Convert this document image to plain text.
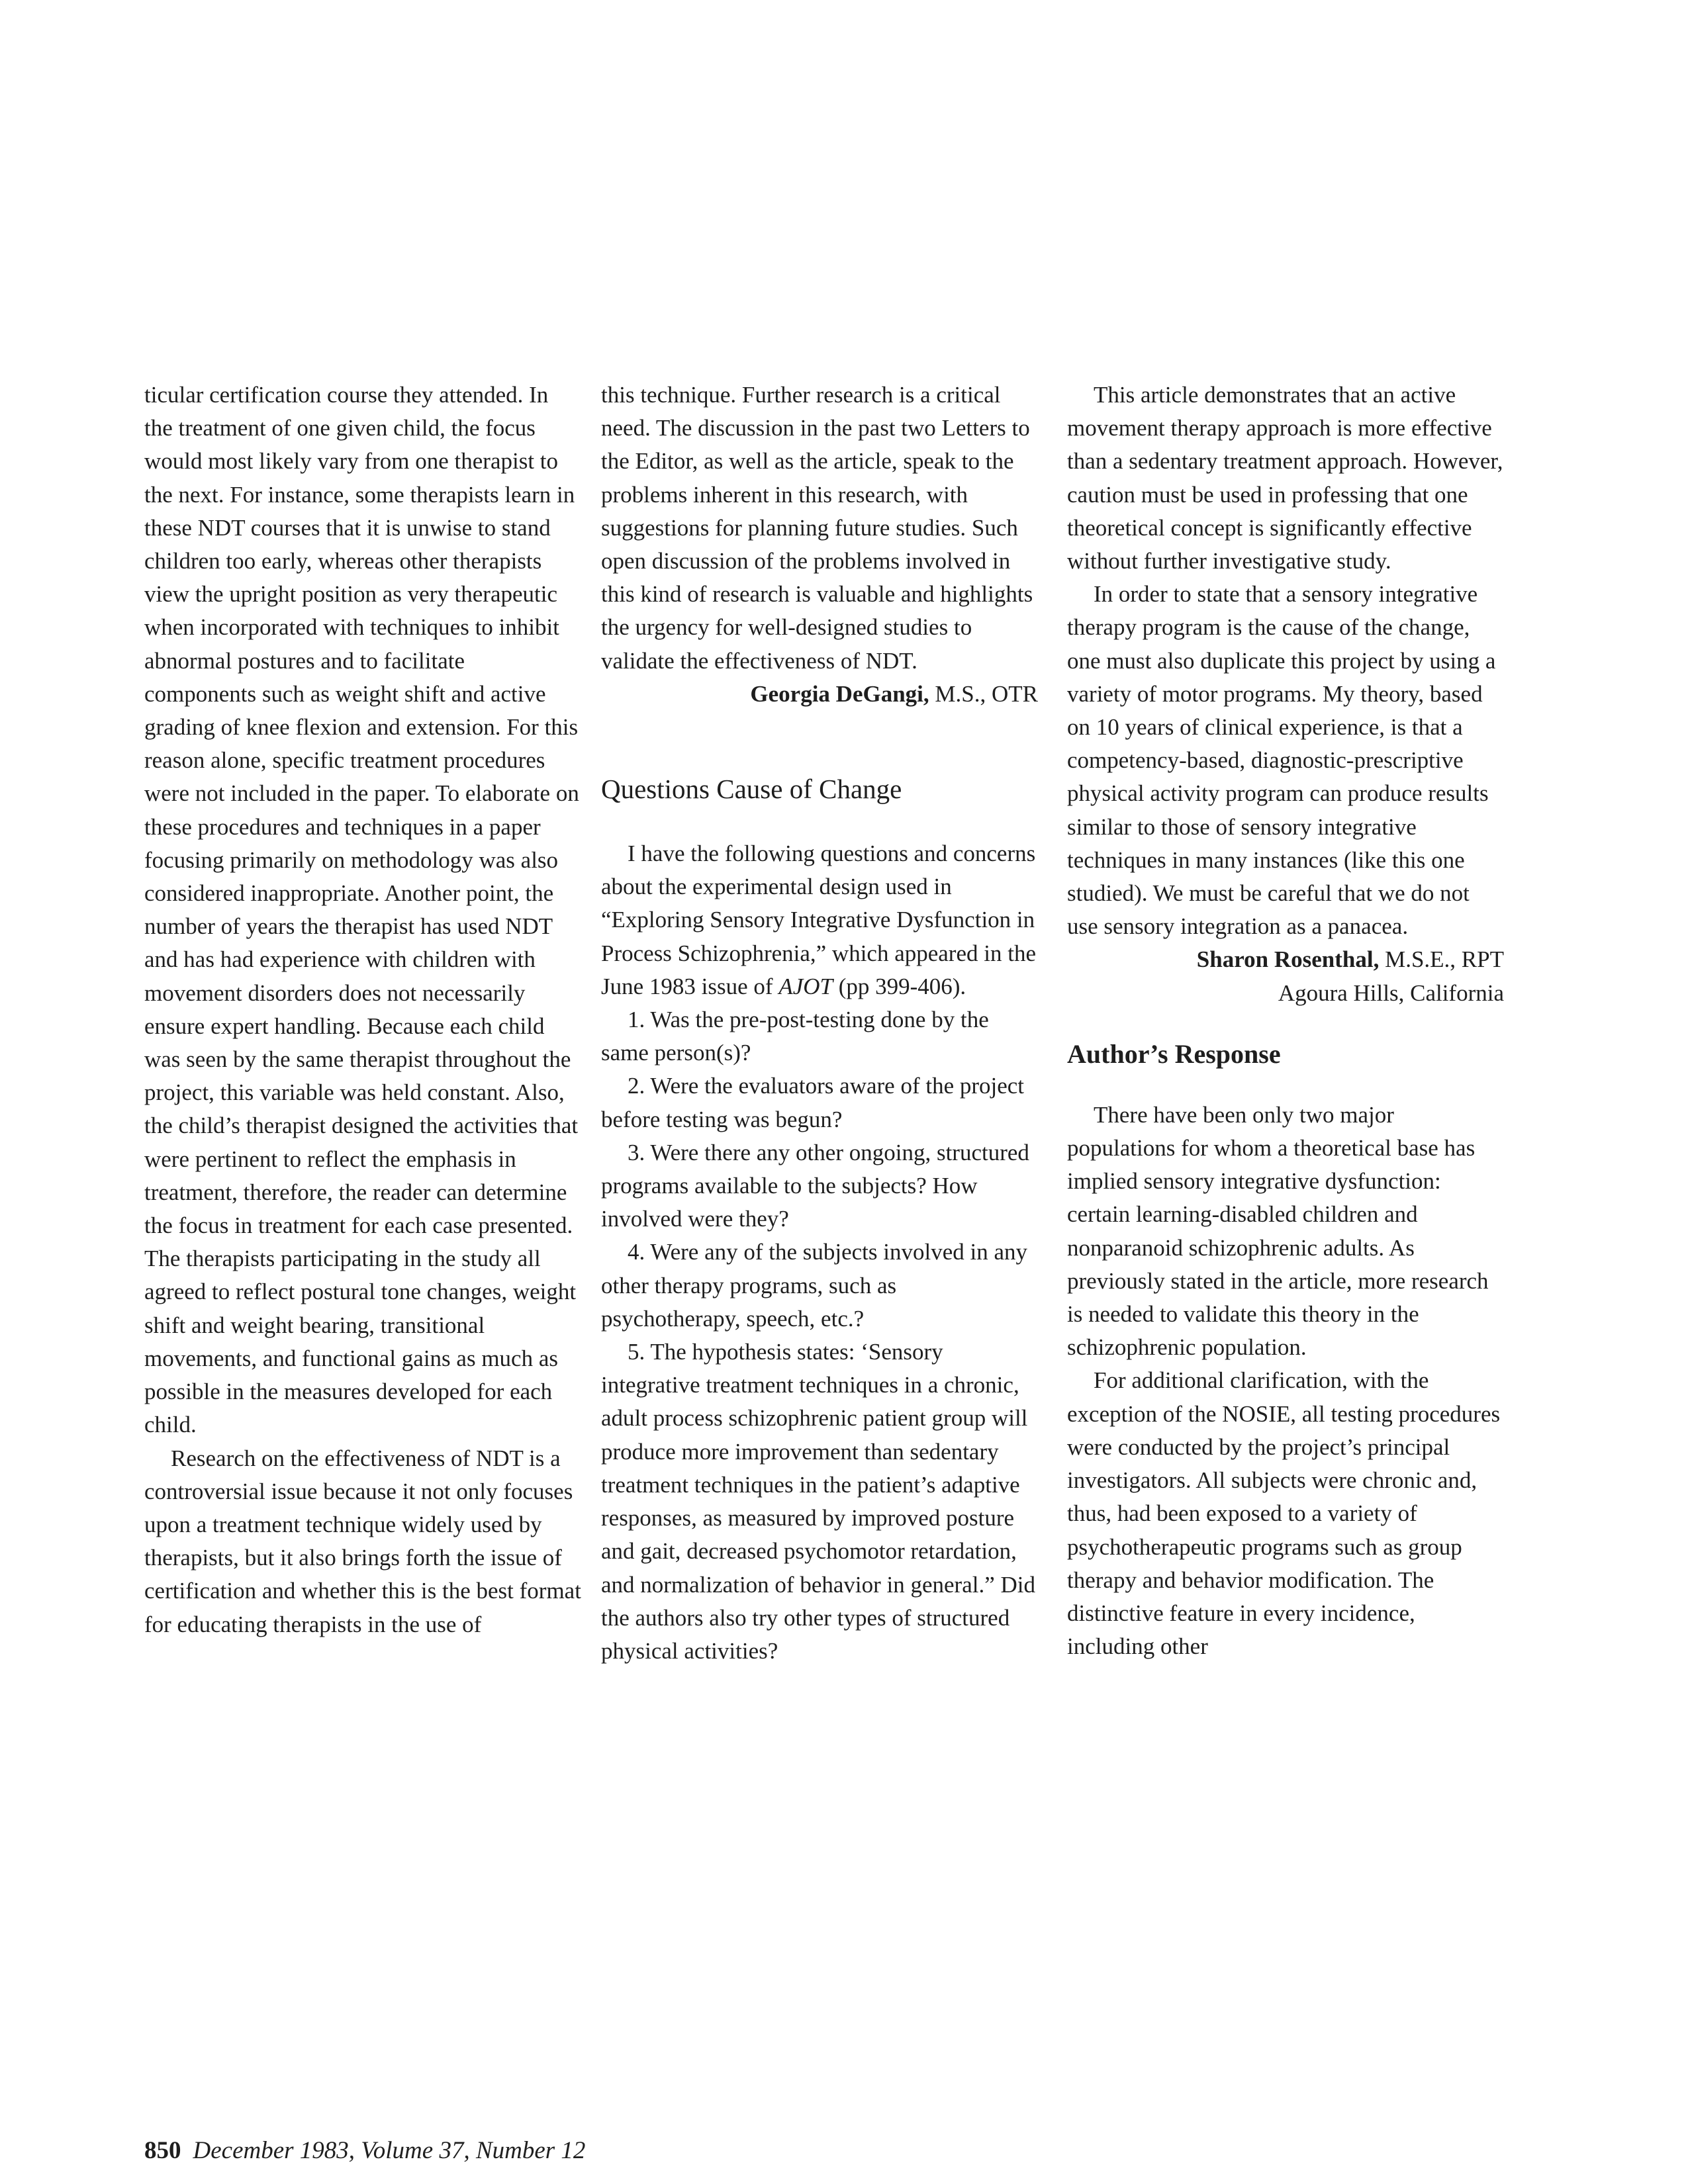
ticular certification course they attended. In the treatment of one given child, the focus would most likely vary from one therapist to the next. For instance, some therapists learn in these NDT courses that it is unwise to stand children too early, whereas other therapists view the upright position as very therapeutic when incorporated with techniques to inhibit abnormal postures and to facilitate components such as weight shift and active grading of knee flexion and extension. For this reason alone, specific treatment procedures were not included in the paper. To elaborate on these procedures and techniques in a paper focusing primarily on methodology was also considered inappropriate. Another point, the number of years the therapist has used NDT and has had experience with children with movement disorders does not necessarily ensure expert handling. Because each child was seen by the same therapist throughout the project, this variable was held constant. Also, the child’s therapist designed the activities that were pertinent to reflect the emphasis in treatment, therefore, the reader can determine the focus in treatment for each case presented. The therapists participating in the study all agreed to reflect postural tone changes, weight shift and weight bearing, transitional movements, and functional gains as much as possible in the measures developed for each child.

Research on the effectiveness of NDT is a controversial issue because it not only focuses upon a treatment technique widely used by therapists, but it also brings forth the issue of certification and whether this is the best format for educating therapists in the use of

this technique. Further research is a critical need. The discussion in the past two Letters to the Editor, as well as the article, speak to the problems inherent in this research, with suggestions for planning future studies. Such open discussion of the problems involved in this kind of research is valuable and highlights the urgency for well-designed studies to validate the effectiveness of NDT.

Georgia DeGangi, M.S., OTR

Questions Cause of Change

I have the following questions and concerns about the experimental design used in “Exploring Sensory Integrative Dysfunction in Process Schizophrenia,” which appeared in the June 1983 issue of AJOT (pp 399-406).

1. Was the pre-post-testing done by the same person(s)?

2. Were the evaluators aware of the project before testing was begun?

3. Were there any other ongoing, structured programs available to the subjects? How involved were they?

4. Were any of the subjects involved in any other therapy programs, such as psychotherapy, speech, etc.?

5. The hypothesis states: ‘Sensory integrative treatment techniques in a chronic, adult process schizophrenic patient group will produce more improvement than sedentary treatment techniques in the patient’s adaptive responses, as measured by improved posture and gait, decreased psychomotor retardation, and normalization of behavior in general.” Did the authors also try other types of structured physical activities?

This article demonstrates that an active movement therapy approach is more effective than a sedentary treatment approach. However, caution must be used in professing that one theoretical concept is significantly effective without further investigative study.

In order to state that a sensory integrative therapy program is the cause of the change, one must also duplicate this project by using a variety of motor programs. My theory, based on 10 years of clinical experience, is that a competency-based, diagnostic-prescriptive physical activity program can produce results similar to those of sensory integrative techniques in many instances (like this one studied). We must be careful that we do not use sensory integration as a panacea.

Sharon Rosenthal, M.S.E., RPT

Agoura Hills, California

Author’s Response

There have been only two major populations for whom a theoretical base has implied sensory integrative dysfunction: certain learning-disabled children and nonparanoid schizophrenic adults. As previously stated in the article, more research is needed to validate this theory in the schizophrenic population.

For additional clarification, with the exception of the NOSIE, all testing procedures were conducted by the project’s principal investigators. All subjects were chronic and, thus, had been exposed to a variety of psychotherapeutic programs such as group therapy and behavior modification. The distinctive feature in every incidence, including other

850 December 1983, Volume 37, Number 12
